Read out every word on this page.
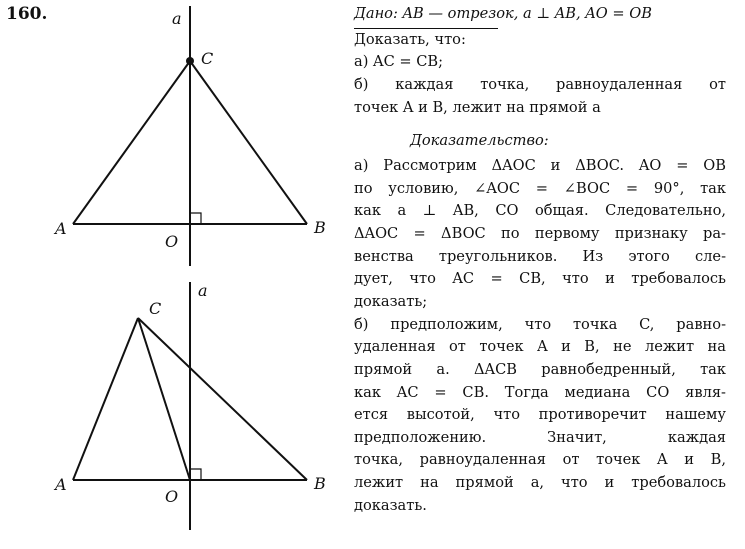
160.	a
C
A	B
O
a
C
A	B
O
Дано: AB — отрезок, a ⊥ AB, AO = OB
Доказать, что:
а) AC = CB;
б) каждая точка, равноудаленная от
точек A и B, лежит на прямой a
Доказательство:
а) Рассмотрим ΔAOC и ΔBOC. AO = OB
по условию, ∠AOC = ∠BOC = 90°, так
как a ⊥ AB, CO общая. Следовательно,
ΔAOC = ΔBOC по первому признаку ра-
венства треугольников. Из этого сле-
дует, что AC = CB, что и требовалось
доказать;
б) предположим, что точка C, равно-
удаленная от точек A и B, не лежит на
прямой a. ΔACB равнобедренный, так
как AC = CB. Тогда медиана CO явля-
ется высотой, что противоречит нашему
предположению. Значит, каждая
точка, равноудаленная от точек A и B,
лежит на прямой a, что и требовалось
доказать.
